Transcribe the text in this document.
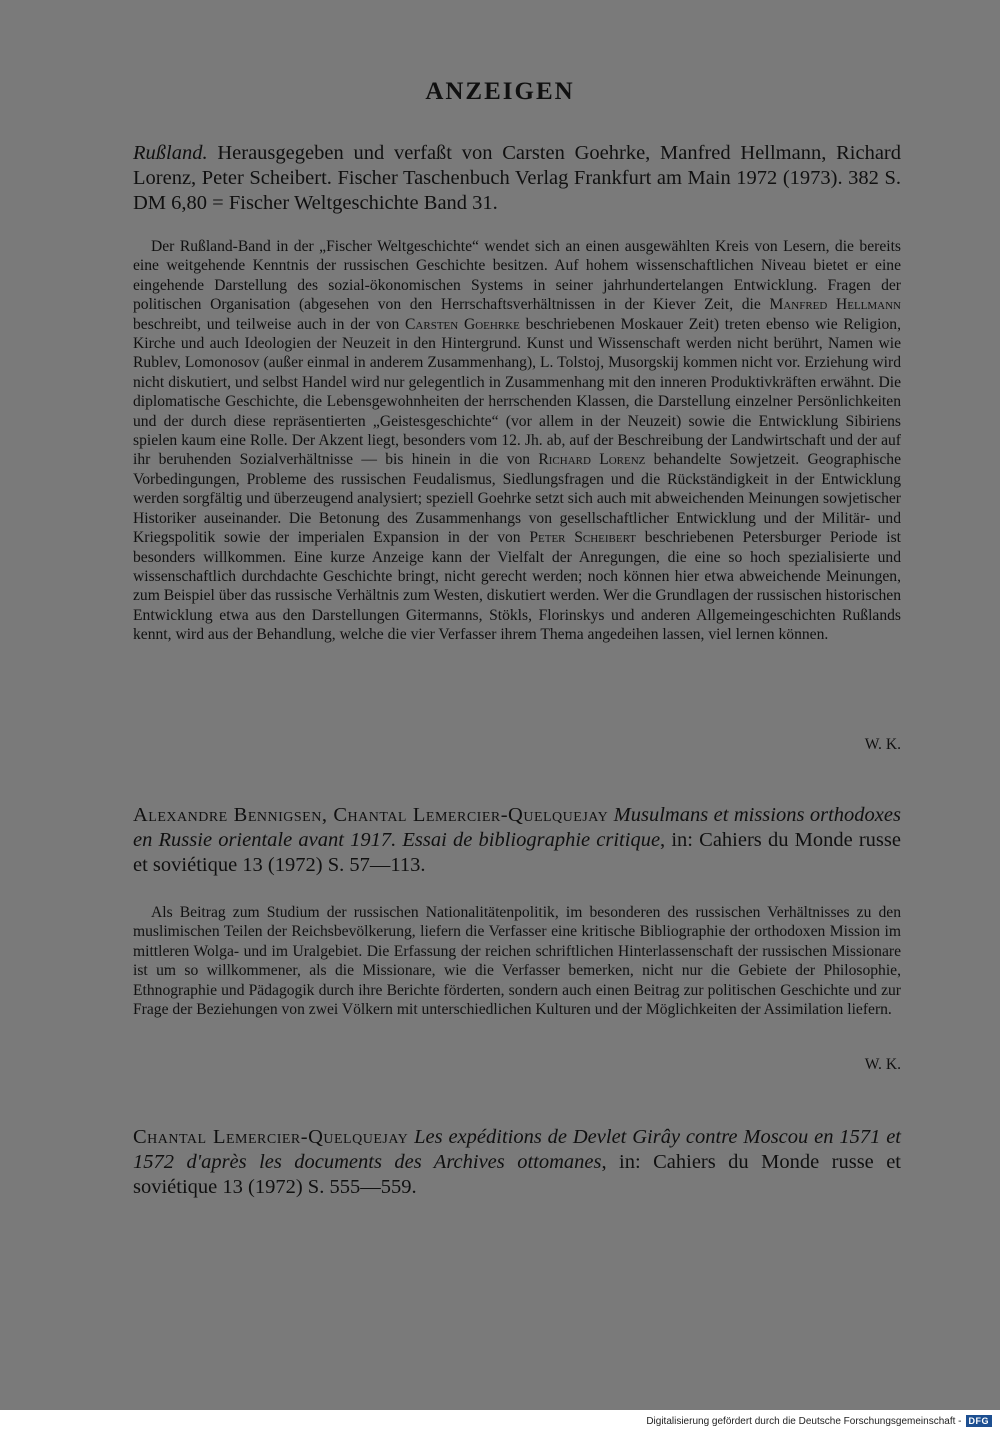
ANZEIGEN
Rußland. Herausgegeben und verfaßt von Carsten Goehrke, Manfred Hellmann, Richard Lorenz, Peter Scheibert. Fischer Taschenbuch Verlag Frankfurt am Main 1972 (1973). 382 S. DM 6,80 = Fischer Weltgeschichte Band 31.
Der Rußland-Band in der „Fischer Weltgeschichte“ wendet sich an einen ausgewählten Kreis von Lesern, die bereits eine weitgehende Kenntnis der russischen Geschichte besitzen. Auf hohem wissenschaftlichen Niveau bietet er eine eingehende Darstellung des sozial-ökonomischen Systems in seiner jahrhundertelangen Entwicklung. Fragen der politischen Organisation (abgesehen von den Herrschaftsverhältnissen in der Kiever Zeit, die Manfred Hellmann beschreibt, und teilweise auch in der von Carsten Goehrke beschriebenen Moskauer Zeit) treten ebenso wie Religion, Kirche und auch Ideologien der Neuzeit in den Hintergrund. Kunst und Wissenschaft werden nicht berührt, Namen wie Rublev, Lomonosov (außer einmal in anderem Zusammenhang), L. Tolstoj, Musorgskij kommen nicht vor. Erziehung wird nicht diskutiert, und selbst Handel wird nur gelegentlich in Zusammenhang mit den inneren Produktivkräften erwähnt. Die diplomatische Geschichte, die Lebensgewohnheiten der herrschenden Klassen, die Darstellung einzelner Persönlichkeiten und der durch diese repräsentierten „Geistesgeschichte“ (vor allem in der Neuzeit) sowie die Entwicklung Sibiriens spielen kaum eine Rolle. Der Akzent liegt, besonders vom 12. Jh. ab, auf der Beschreibung der Landwirtschaft und der auf ihr beruhenden Sozialverhältnisse — bis hinein in die von Richard Lorenz behandelte Sowjetzeit. Geographische Vorbedingungen, Probleme des russischen Feudalismus, Siedlungsfragen und die Rückständigkeit in der Entwicklung werden sorgfältig und überzeugend analysiert; speziell Goehrke setzt sich auch mit abweichenden Meinungen sowjetischer Historiker auseinander. Die Betonung des Zusammenhangs von gesellschaftlicher Entwicklung und der Militär- und Kriegspolitik sowie der imperialen Expansion in der von Peter Scheibert beschriebenen Petersburger Periode ist besonders willkommen. Eine kurze Anzeige kann der Vielfalt der Anregungen, die eine so hoch spezialisierte und wissenschaftlich durchdachte Geschichte bringt, nicht gerecht werden; noch können hier etwa abweichende Meinungen, zum Beispiel über das russische Verhältnis zum Westen, diskutiert werden. Wer die Grundlagen der russischen historischen Entwicklung etwa aus den Darstellungen Gitermanns, Stökls, Florinskys und anderen Allgemeingeschichten Rußlands kennt, wird aus der Behandlung, welche die vier Verfasser ihrem Thema angedeihen lassen, viel lernen können.
W. K.
Alexandre Bennigsen, Chantal Lemercier-Quelquejay Musulmans et missions orthodoxes en Russie orientale avant 1917. Essai de bibliographie critique, in: Cahiers du Monde russe et soviétique 13 (1972) S. 57—113.
Als Beitrag zum Studium der russischen Nationalitätenpolitik, im besonderen des russischen Verhältnisses zu den muslimischen Teilen der Reichsbevölkerung, liefern die Verfasser eine kritische Bibliographie der orthodoxen Mission im mittleren Wolga- und im Uralgebiet. Die Erfassung der reichen schriftlichen Hinterlassenschaft der russischen Missionare ist um so willkommener, als die Missionare, wie die Verfasser bemerken, nicht nur die Gebiete der Philosophie, Ethnographie und Pädagogik durch ihre Berichte förderten, sondern auch einen Beitrag zur politischen Geschichte und zur Frage der Beziehungen von zwei Völkern mit unterschiedlichen Kulturen und der Möglichkeiten der Assimilation liefern.
W. K.
Chantal Lemercier-Quelquejay Les expéditions de Devlet Girây contre Moscou en 1571 et 1572 d'après les documents des Archives ottomanes, in: Cahiers du Monde russe et soviétique 13 (1972) S. 555—559.
Digitalisierung gefördert durch die Deutsche Forschungsgemeinschaft - DFG
